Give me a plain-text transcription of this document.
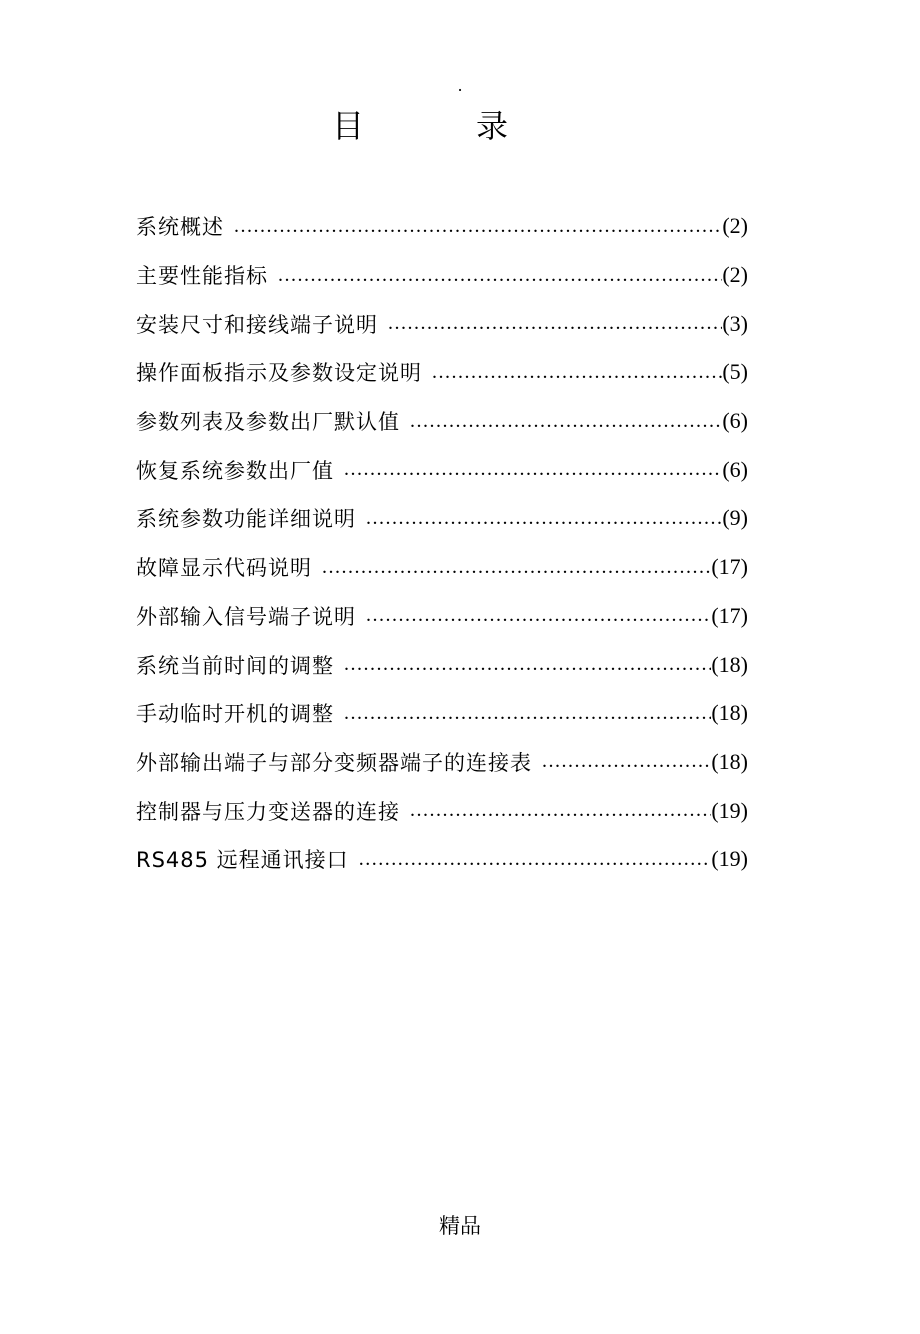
.
目	录
系统概述 .....	(2)
主要性能指标 .....	(2)
安装尺寸和接线端子说明 .....	(3)
操作面板指示及参数设定说明 .....	(5)
参数列表及参数出厂默认值 .....	(6)
恢复系统参数出厂值 .....	(6)
系统参数功能详细说明 .....	(9)
故障显示代码说明 .....	(17)
外部输入信号端子说明 .....	(17)
系统当前时间的调整 .....	(18)
手动临时开机的调整 .....	(18)
外部输出端子与部分变频器端子的连接表 .....	(18)
控制器与压力变送器的连接 .....	(19)
RS485 远程通讯接口 .....	(19)
精品
